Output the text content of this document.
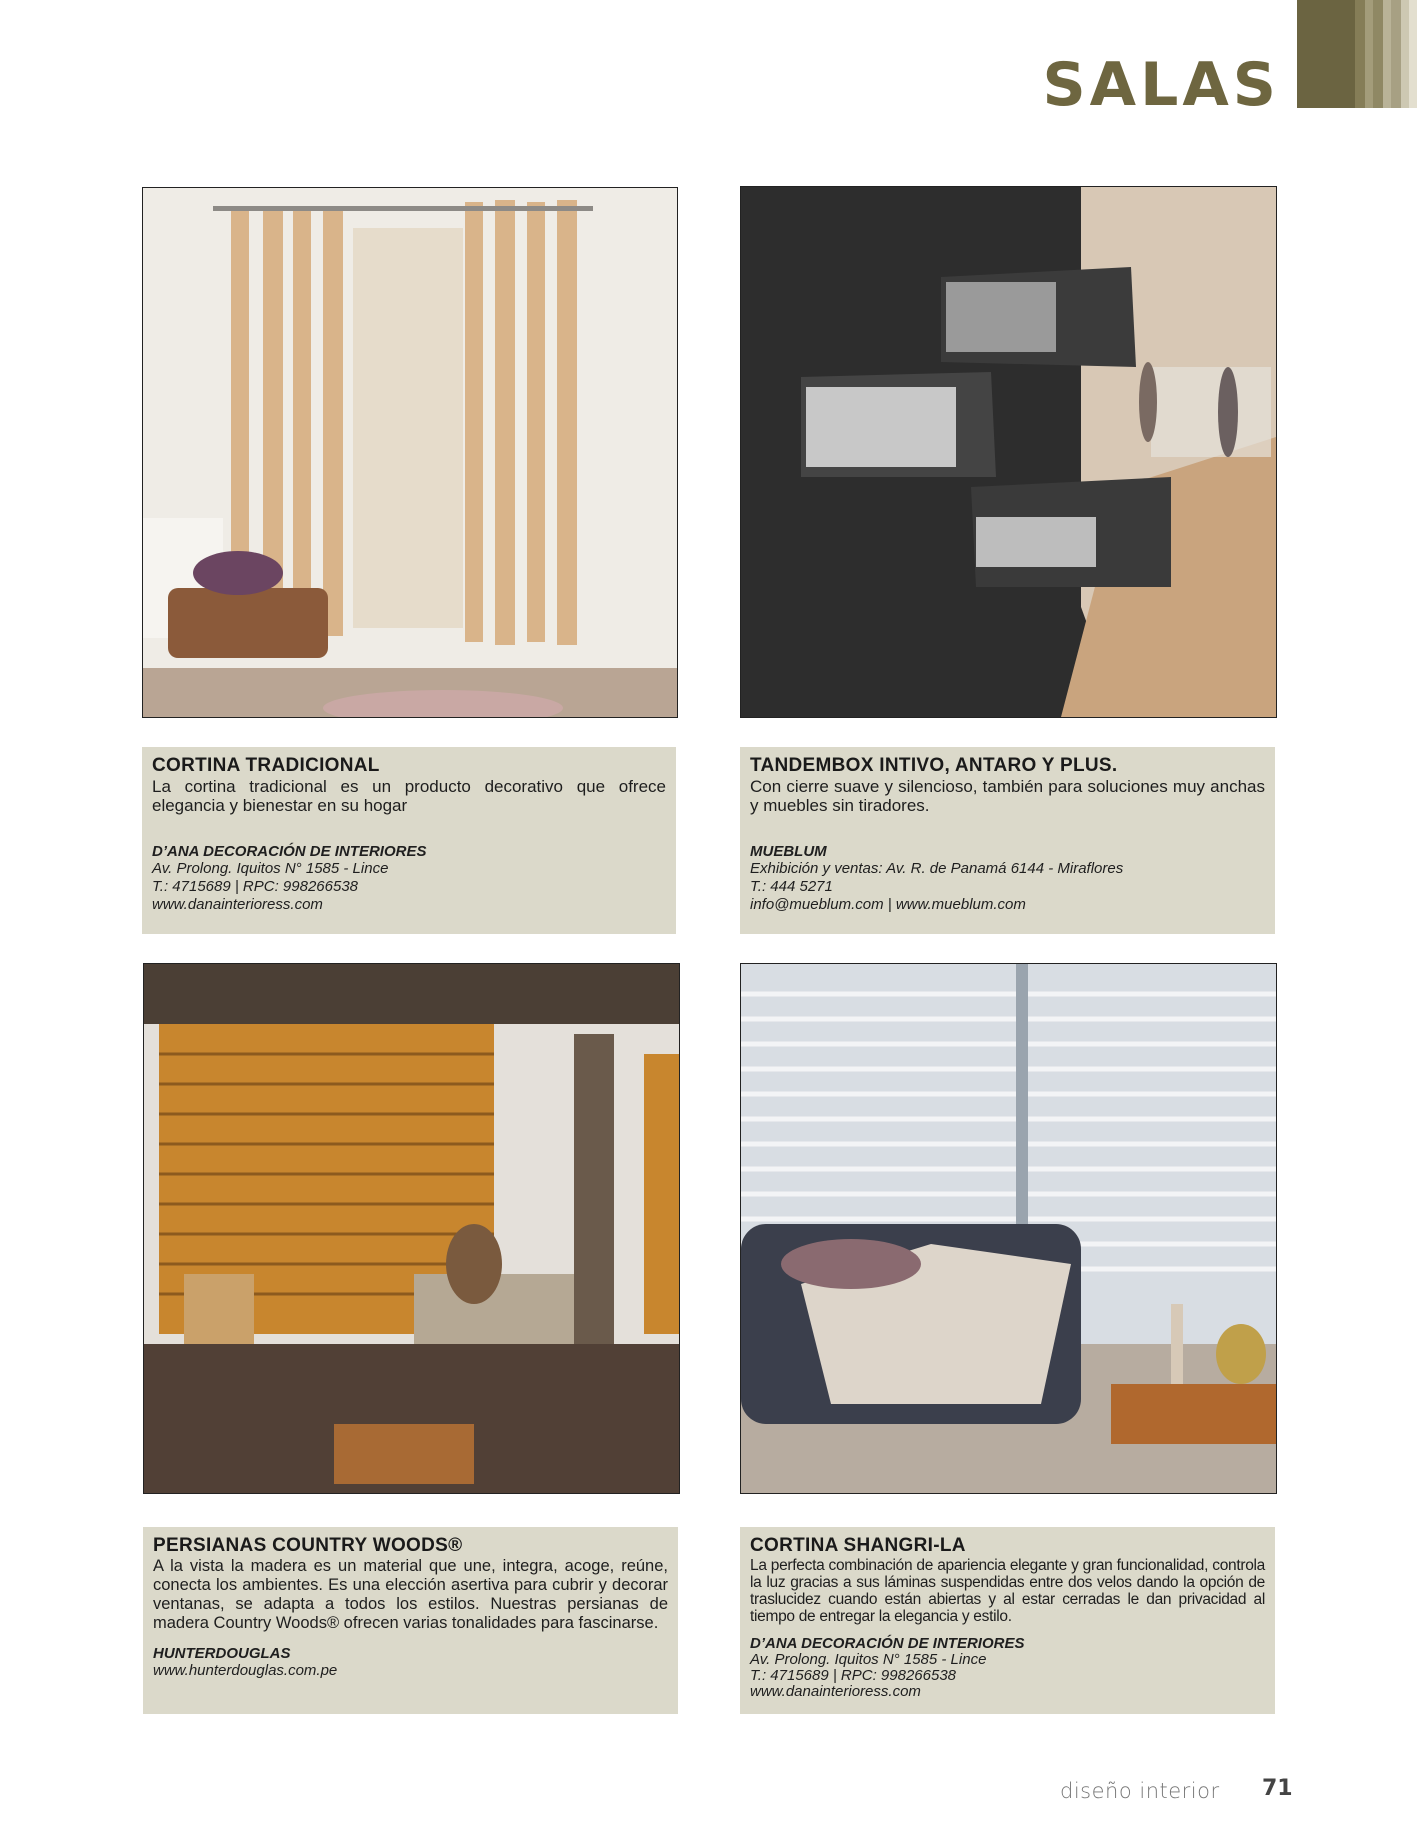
SALAS
CORTINA TRADICIONAL
La cortina tradicional es un producto decorativo que ofrece elegancia y bienestar en su hogar
D’ANA DECORACIÓN DE INTERIORES
Av. Prolong. Iquitos N° 1585 - Lince
T.: 4715689 | RPC: 998266538
www.danainterioress.com
TANDEMBOX INTIVO, ANTARO Y PLUS.
Con cierre suave y silencioso, también para soluciones muy anchas y muebles sin tiradores.
MUEBLUM
Exhibición y ventas: Av. R. de Panamá 6144 - Miraflores
T.: 444 5271
info@mueblum.com | www.mueblum.com
PERSIANAS COUNTRY WOODS®
A la vista la madera es un material que une, integra, acoge, reúne, conecta los ambientes. Es una elección asertiva para cubrir y decorar ventanas, se adapta a todos los estilos. Nuestras persianas de madera Country Woods® ofrecen varias tonalidades para fascinarse.
HUNTERDOUGLAS
www.hunterdouglas.com.pe
CORTINA SHANGRI-LA
La perfecta combinación de apariencia elegante y gran funcionalidad, controla la luz gracias a sus láminas suspendidas entre dos velos dando la opción de traslucidez cuando están abiertas y al estar cerradas le dan privacidad al tiempo de entregar la elegancia y estilo.
D’ANA DECORACIÓN DE INTERIORES
Av. Prolong. Iquitos N° 1585 - Lince
T.: 4715689 | RPC: 998266538
www.danainterioress.com
diseño interior 71
